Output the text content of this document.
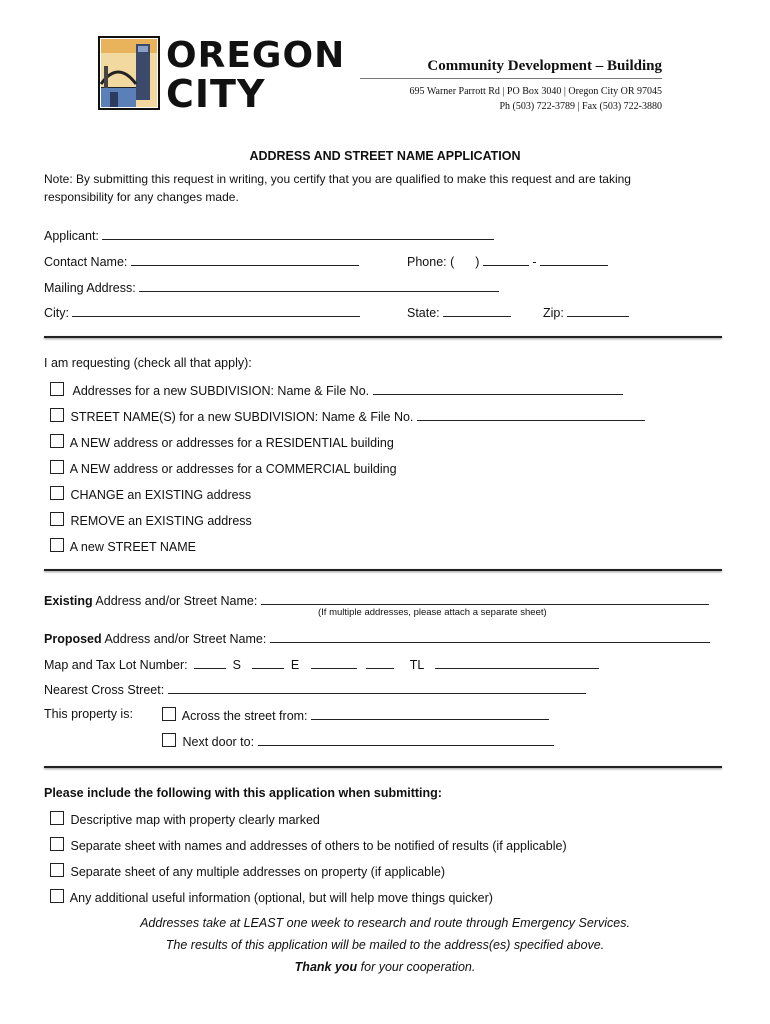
OREGON
CITY
Community Development – Building
695 Warner Parrott Rd | PO Box 3040 | Oregon City OR 97045
Ph (503) 722-3789 | Fax (503) 722-3880
ADDRESS AND STREET NAME APPLICATION
Note: By submitting this request in writing, you certify that you are qualified to make this request and are taking
responsibility for any changes made.
Applicant:
Contact Name:	Phone: ( )	-
Mailing Address:
City:	State:	Zip:
I am requesting (check all that apply):
Addresses for a new SUBDIVISION: Name & File No.
STREET NAME(S) for a new SUBDIVISION: Name & File No.
A NEW address or addresses for a RESIDENTIAL building
A NEW address or addresses for a COMMERCIAL building
CHANGE an EXISTING address
REMOVE an EXISTING address
A new STREET NAME
Existing Address and/or Street Name:
(If multiple addresses, please attach a separate sheet)
Proposed Address and/or Street Name:
Map and Tax Lot Number:	S	E	TL
Nearest Cross Street:
This property is:	Across the street from:
Next door to:
Please include the following with this application when submitting:
Descriptive map with property clearly marked
Separate sheet with names and addresses of others to be notified of results (if applicable)
Separate sheet of any multiple addresses on property (if applicable)
Any additional useful information (optional, but will help move things quicker)
Addresses take at LEAST one week to research and route through Emergency Services.
The results of this application will be mailed to the address(es) specified above.
Thank you for your cooperation.
